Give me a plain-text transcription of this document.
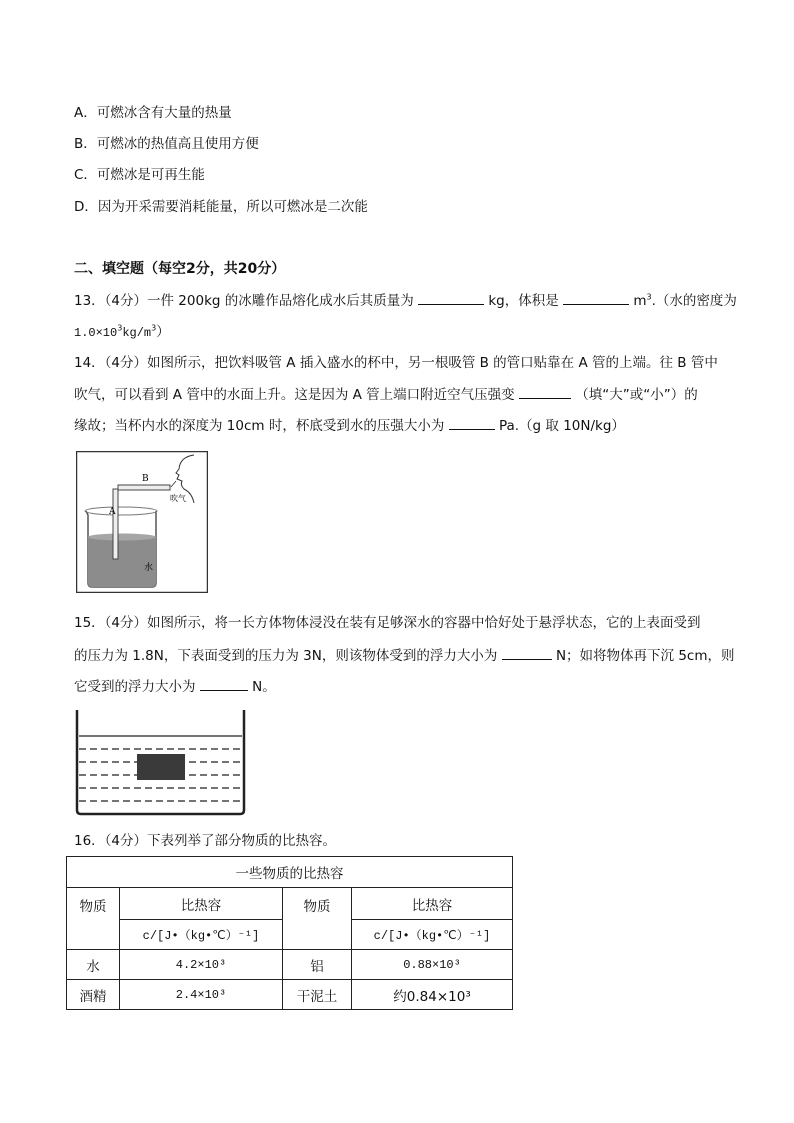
A．可燃冰含有大量的热量
B．可燃冰的热值高且使用方便
C．可燃冰是可再生能
D．因为开采需要消耗能量，所以可燃冰是二次能
二、填空题（每空2分，共20分）
13．（4分）一件 200kg 的冰雕作品熔化成水后其质量为	kg，体积是	$m^3$.（水的密度为
$1.0\times 10^3kg/m^3$）
14．（4分）如图所示，把饮料吸管 A 插入盛水的杯中，另一根吸管 B 的管口贴靠在 A 管的上端。往 B 管中
吹气，可以看到 A 管中的水面上升。这是因为 A 管上端口附近空气压强变	（填“大”或“小”）的
缘故；当杯内水的深度为 10cm 时，杯底受到水的压强大小为	Pa.（g 取 10N/kg）
A
B
吹气
水
15．（4分）如图所示，将一长方体物体浸没在装有足够深水的容器中恰好处于悬浮状态，它的上表面受到
的压力为 1.8N，下表面受到的压力为 3N，则该物体受到的浮力大小为	N；如将物体再下沉 5cm，则
它受到的浮力大小为	N。
16．（4分）下表列举了部分物质的比热容。
一些物质的比热容			
物质	比热容	物质	比热容
	c/[J•（kg•℃）⁻¹]		c/[J•（kg•℃）⁻¹]
水	4.2×10³	铝	0.88×10³
酒精	2.4×10³	干泥土	约0.84×10³
